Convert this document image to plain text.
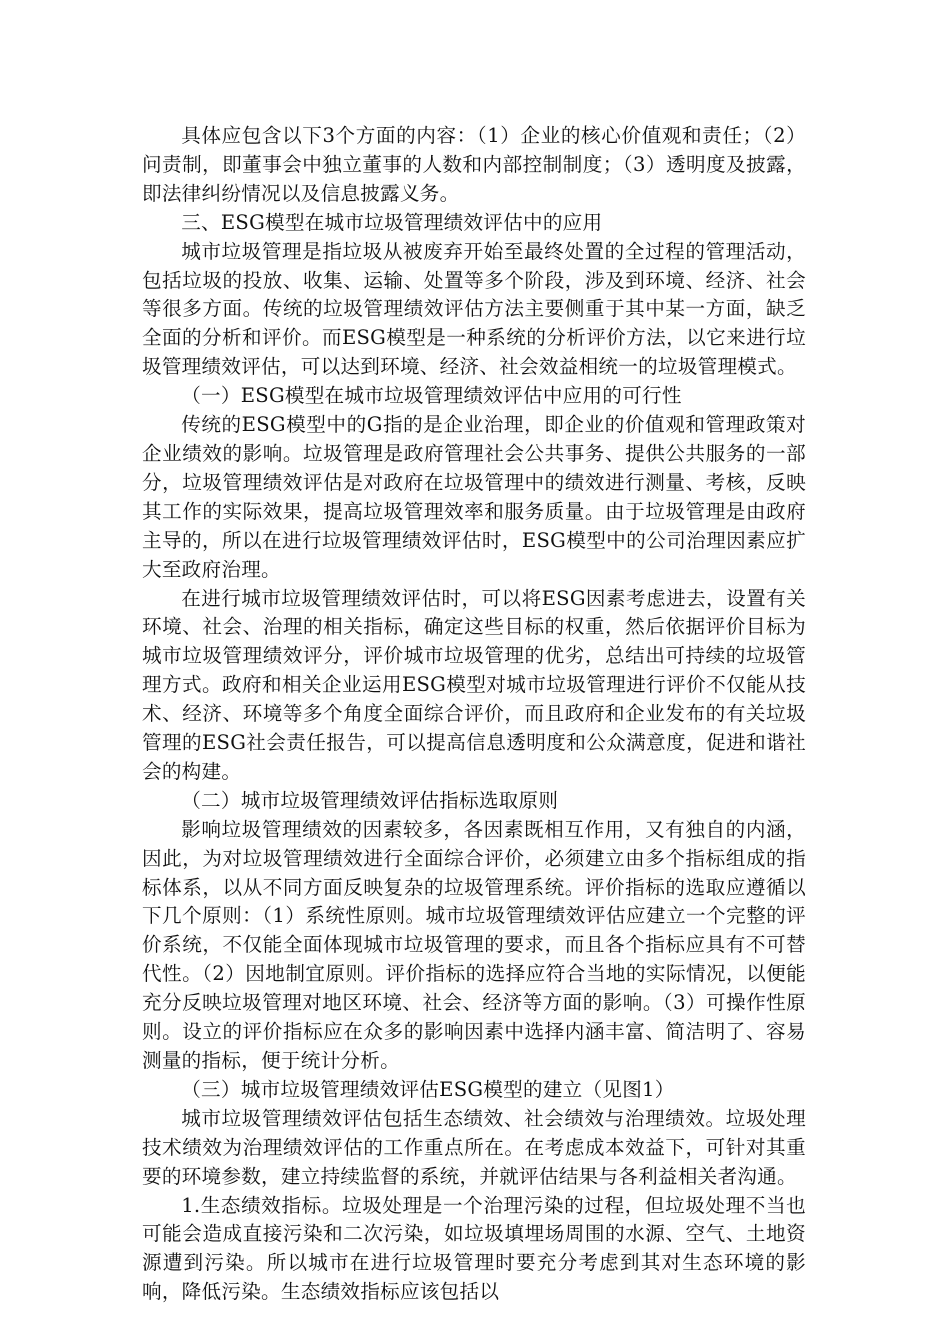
具体应包含以下3个方面的内容：（1）企业的核心价值观和责任；（2）问责制，即董事会中独立董事的人数和内部控制制度；（3）透明度及披露，即法律纠纷情况以及信息披露义务。

三、ESG模型在城市垃圾管理绩效评估中的应用

城市垃圾管理是指垃圾从被废弃开始至最终处置的全过程的管理活动，包括垃圾的投放、收集、运输、处置等多个阶段，涉及到环境、经济、社会等很多方面。传统的垃圾管理绩效评估方法主要侧重于其中某一方面，缺乏全面的分析和评价。而ESG模型是一种系统的分析评价方法，以它来进行垃圾管理绩效评估，可以达到环境、经济、社会效益相统一的垃圾管理模式。

（一）ESG模型在城市垃圾管理绩效评估中应用的可行性

传统的ESG模型中的G指的是企业治理，即企业的价值观和管理政策对企业绩效的影响。垃圾管理是政府管理社会公共事务、提供公共服务的一部分，垃圾管理绩效评估是对政府在垃圾管理中的绩效进行测量、考核，反映其工作的实际效果，提高垃圾管理效率和服务质量。由于垃圾管理是由政府主导的，所以在进行垃圾管理绩效评估时，ESG模型中的公司治理因素应扩大至政府治理。

在进行城市垃圾管理绩效评估时，可以将ESG因素考虑进去，设置有关环境、社会、治理的相关指标，确定这些目标的权重，然后依据评价目标为城市垃圾管理绩效评分，评价城市垃圾管理的优劣，总结出可持续的垃圾管理方式。政府和相关企业运用ESG模型对城市垃圾管理进行评价不仅能从技术、经济、环境等多个角度全面综合评价，而且政府和企业发布的有关垃圾管理的ESG社会责任报告，可以提高信息透明度和公众满意度，促进和谐社会的构建。

（二）城市垃圾管理绩效评估指标选取原则

影响垃圾管理绩效的因素较多，各因素既相互作用，又有独自的内涵，因此，为对垃圾管理绩效进行全面综合评价，必须建立由多个指标组成的指标体系，以从不同方面反映复杂的垃圾管理系统。评价指标的选取应遵循以下几个原则：（1）系统性原则。城市垃圾管理绩效评估应建立一个完整的评价系统，不仅能全面体现城市垃圾管理的要求，而且各个指标应具有不可替代性。（2）因地制宜原则。评价指标的选择应符合当地的实际情况，以便能充分反映垃圾管理对地区环境、社会、经济等方面的影响。（3）可操作性原则。设立的评价指标应在众多的影响因素中选择内涵丰富、简洁明了、容易测量的指标，便于统计分析。

（三）城市垃圾管理绩效评估ESG模型的建立（见图1）

城市垃圾管理绩效评估包括生态绩效、社会绩效与治理绩效。垃圾处理技术绩效为治理绩效评估的工作重点所在。在考虑成本效益下，可针对其重要的环境参数，建立持续监督的系统，并就评估结果与各利益相关者沟通。

1.生态绩效指标。垃圾处理是一个治理污染的过程，但垃圾处理不当也可能会造成直接污染和二次污染，如垃圾填埋场周围的水源、空气、土地资源遭到污染。所以城市在进行垃圾管理时要充分考虑到其对生态环境的影响，降低污染。生态绩效指标应该包括以
